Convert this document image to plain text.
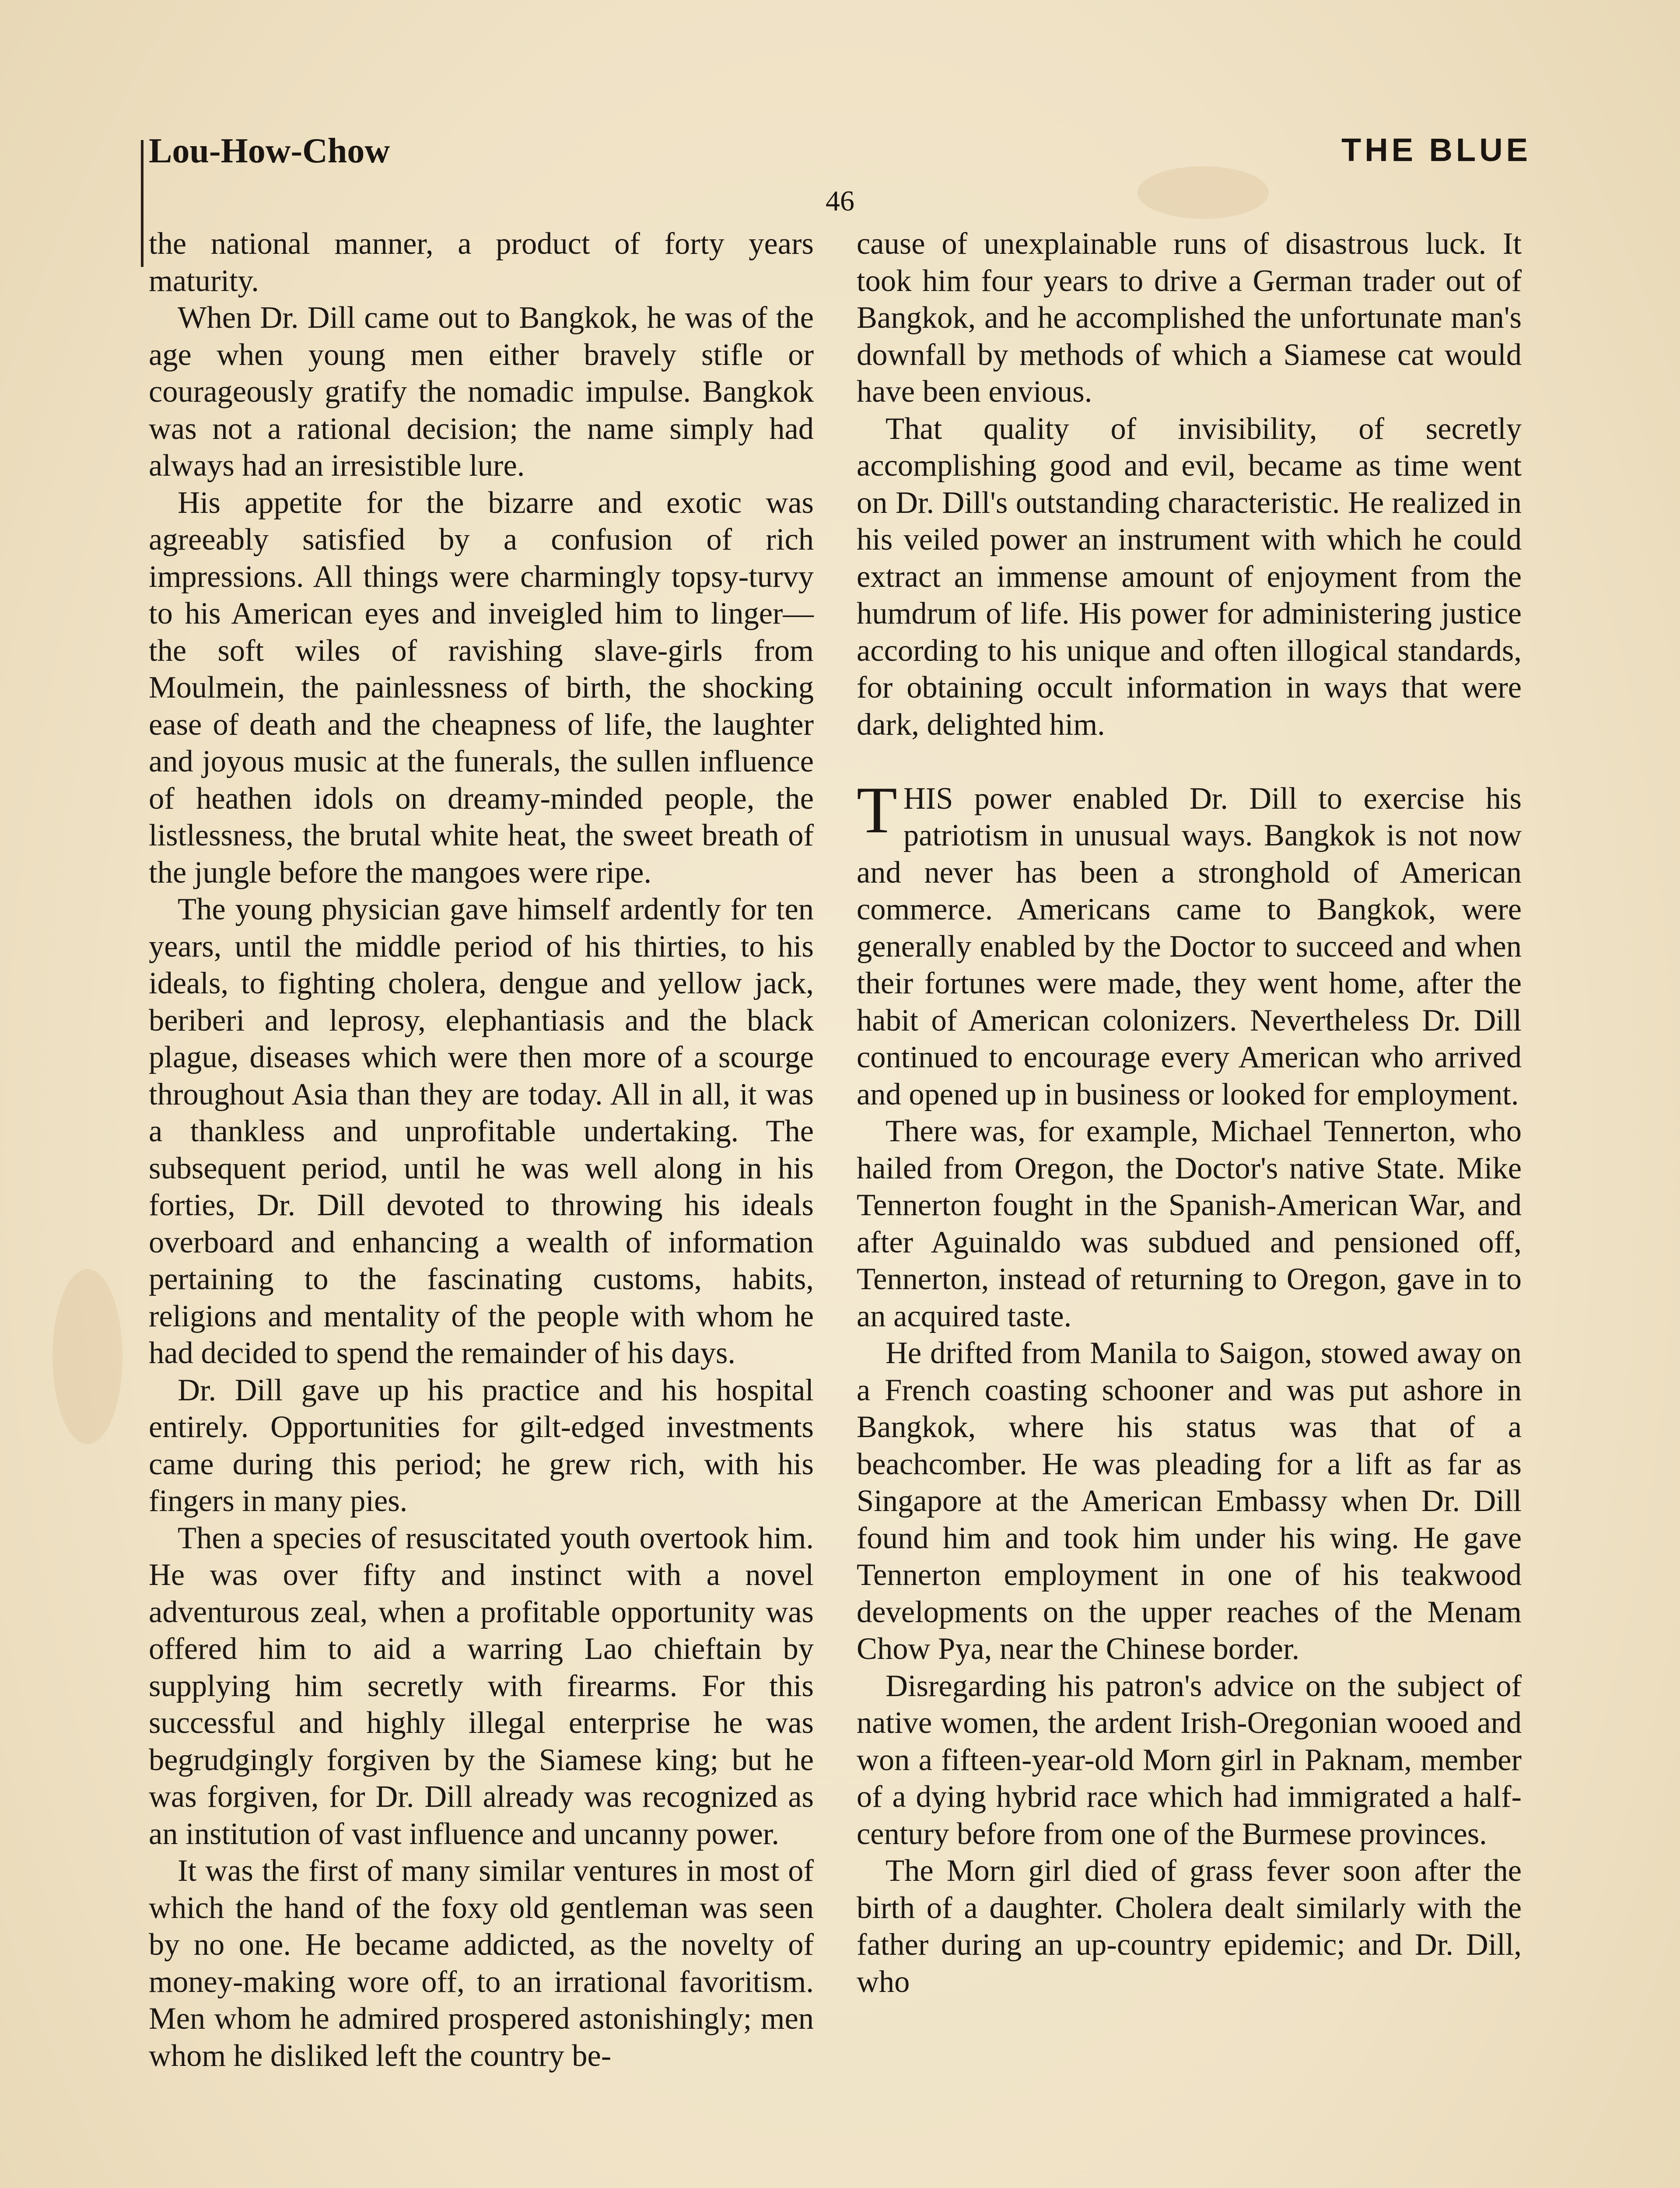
Lou-How-Chow	THE BLUE
46

the national manner, a product of forty years maturity.

When Dr. Dill came out to Bangkok, he was of the age when young men either bravely stifle or courageously gratify the nomadic impulse. Bangkok was not a rational decision; the name simply had always had an irresistible lure.

His appetite for the bizarre and exotic was agreeably satisfied by a confusion of rich impressions. All things were charmingly topsy-turvy to his American eyes and inveigled him to linger—the soft wiles of ravishing slave-girls from Moulmein, the painlessness of birth, the shocking ease of death and the cheapness of life, the laughter and joyous music at the funerals, the sullen influence of heathen idols on dreamy-minded people, the listlessness, the brutal white heat, the sweet breath of the jungle before the mangoes were ripe.

The young physician gave himself ardently for ten years, until the middle period of his thirties, to his ideals, to fighting cholera, dengue and yellow jack, beriberi and leprosy, elephantiasis and the black plague, diseases which were then more of a scourge throughout Asia than they are today. All in all, it was a thankless and unprofitable undertaking. The subsequent period, until he was well along in his forties, Dr. Dill devoted to throwing his ideals overboard and enhancing a wealth of information pertaining to the fascinating customs, habits, religions and mentality of the people with whom he had decided to spend the remainder of his days.

Dr. Dill gave up his practice and his hospital entirely. Opportunities for gilt-edged investments came during this period; he grew rich, with his fingers in many pies.

Then a species of resuscitated youth overtook him. He was over fifty and instinct with a novel adventurous zeal, when a profitable opportunity was offered him to aid a warring Lao chieftain by supplying him secretly with firearms. For this successful and highly illegal enterprise he was begrudgingly forgiven by the Siamese king; but he was forgiven, for Dr. Dill already was recognized as an institution of vast influence and uncanny power.

It was the first of many similar ventures in most of which the hand of the foxy old gentleman was seen by no one. He became addicted, as the novelty of money-making wore off, to an irrational favoritism. Men whom he admired prospered astonishingly; men whom he disliked left the country be-

cause of unexplainable runs of disastrous luck. It took him four years to drive a German trader out of Bangkok, and he accomplished the unfortunate man's downfall by methods of which a Siamese cat would have been envious.

That quality of invisibility, of secretly accomplishing good and evil, became as time went on Dr. Dill's outstanding characteristic. He realized in his veiled power an instrument with which he could extract an immense amount of enjoyment from the humdrum of life. His power for administering justice according to his unique and often illogical standards, for obtaining occult information in ways that were dark, delighted him.

THIS power enabled Dr. Dill to exercise his patriotism in unusual ways. Bangkok is not now and never has been a stronghold of American commerce. Americans came to Bangkok, were generally enabled by the Doctor to succeed and when their fortunes were made, they went home, after the habit of American colonizers. Nevertheless Dr. Dill continued to encourage every American who arrived and opened up in business or looked for employment.

There was, for example, Michael Tennerton, who hailed from Oregon, the Doctor's native State. Mike Tennerton fought in the Spanish-American War, and after Aguinaldo was subdued and pensioned off, Tennerton, instead of returning to Oregon, gave in to an acquired taste.

He drifted from Manila to Saigon, stowed away on a French coasting schooner and was put ashore in Bangkok, where his status was that of a beachcomber. He was pleading for a lift as far as Singapore at the American Embassy when Dr. Dill found him and took him under his wing. He gave Tennerton employment in one of his teakwood developments on the upper reaches of the Menam Chow Pya, near the Chinese border.

Disregarding his patron's advice on the subject of native women, the ardent Irish-Oregonian wooed and won a fifteen-year-old Morn girl in Paknam, member of a dying hybrid race which had immigrated a half-century before from one of the Burmese provinces.

The Morn girl died of grass fever soon after the birth of a daughter. Cholera dealt similarly with the father during an up-country epidemic; and Dr. Dill, who
